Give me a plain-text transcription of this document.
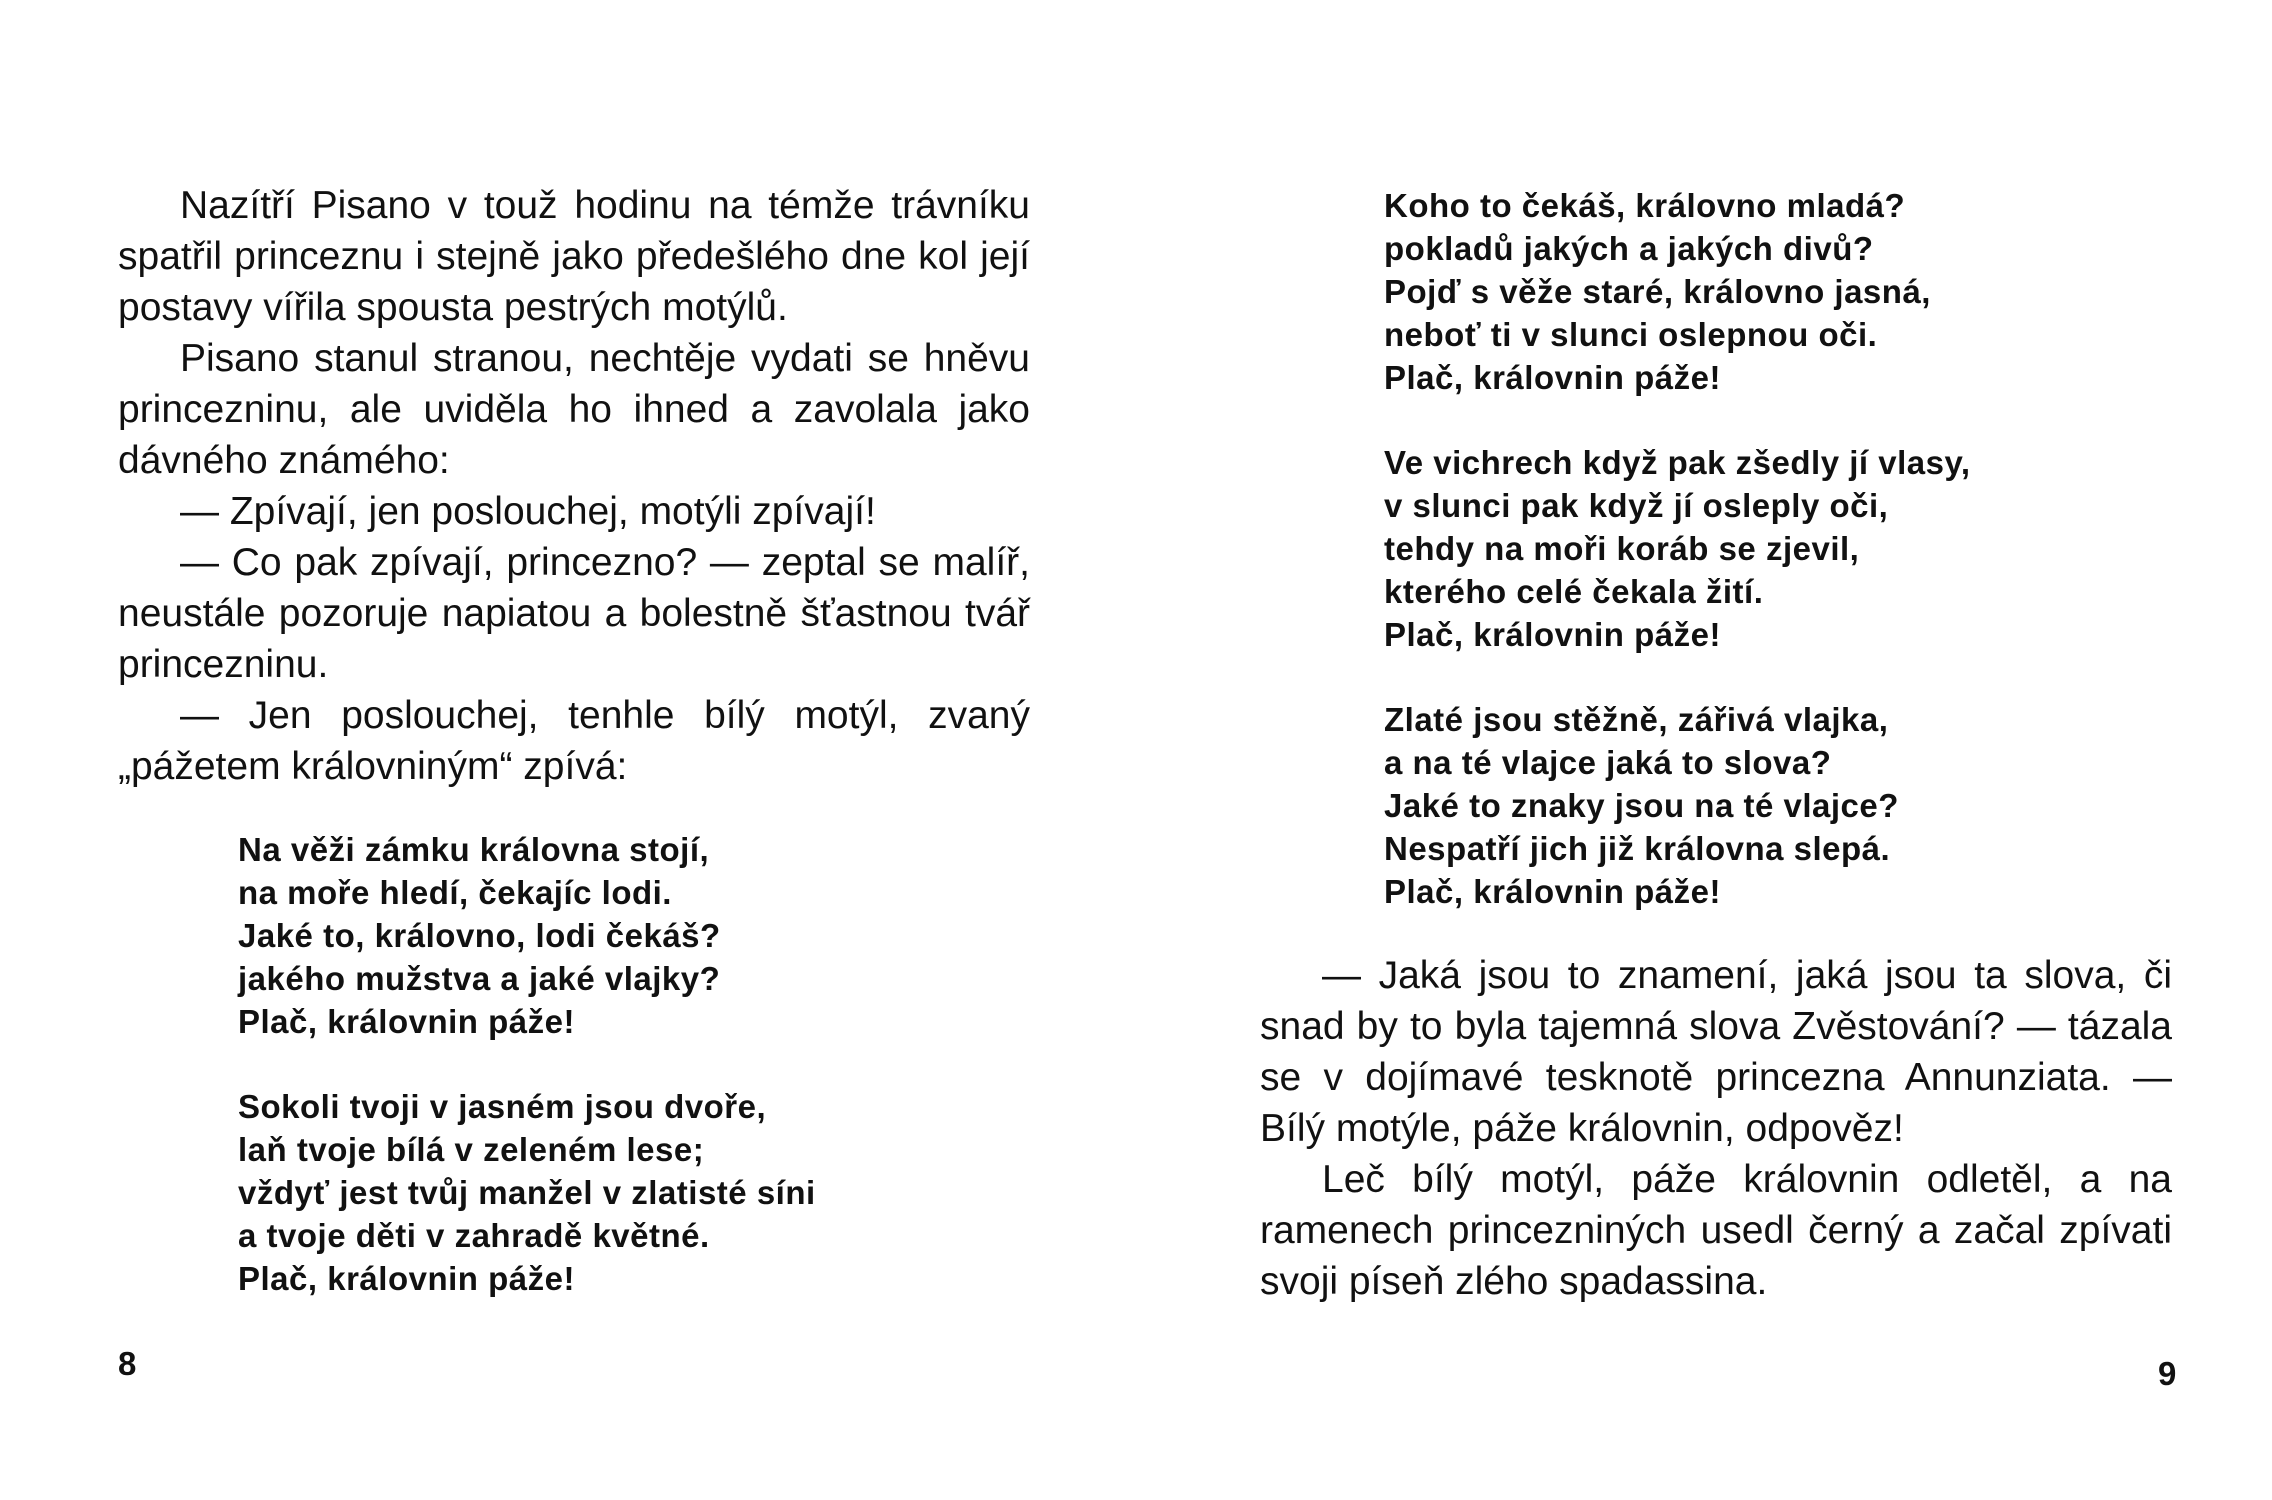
Nazítří Pisano v touž hodinu na témže trávníku spatřil princeznu i stejně jako předešlého dne kol její postavy vířila spousta pestrých motýlů.

Pisano stanul stranou, nechtěje vydati se hněvu princezninu, ale uviděla ho ihned a zavolala jako dávného známého:

— Zpívají, jen poslouchej, motýli zpívají!

— Co pak zpívají, princezno? — zeptal se malíř, neustále pozoruje napiatou a bolestně šťastnou tvář princezninu.

— Jen poslouchej, tenhle bílý motýl, zvaný „pážetem královniným“ zpívá:

Na věži zámku královna stojí,
na moře hledí, čekajíc lodi.
Jaké to, královno, lodi čekáš?
jakého mužstva a jaké vlajky?
Plač, královnin páže!
Sokoli tvoji v jasném jsou dvoře,
laň tvoje bílá v zeleném lese;
vždyť jest tvůj manžel v zlatisté síni
a tvoje děti v zahradě květné.
Plač, královnin páže!
8
Koho to čekáš, královno mladá?
pokladů jakých a jakých divů?
Pojď s věže staré, královno jasná,
neboť ti v slunci oslepnou oči.
Plač, královnin páže!
Ve vichrech když pak zšedly jí vlasy,
v slunci pak když jí osleply oči,
tehdy na moři koráb se zjevil,
kterého celé čekala žití.
Plač, královnin páže!
Zlaté jsou stěžně, zářivá vlajka,
a na té vlajce jaká to slova?
Jaké to znaky jsou na té vlajce?
Nespatří jich již královna slepá.
Plač, královnin páže!

— Jaká jsou to znamení, jaká jsou ta slova, či snad by to byla tajemná slova Zvěstování? — tázala se v dojímavé tesknotě princezna Annunziata. — Bílý motýle, páže královnin, odpověz!

Leč bílý motýl, páže královnin odletěl, a na ramenech princezniných usedl černý a začal zpívati svoji píseň zlého spadassina.

9
